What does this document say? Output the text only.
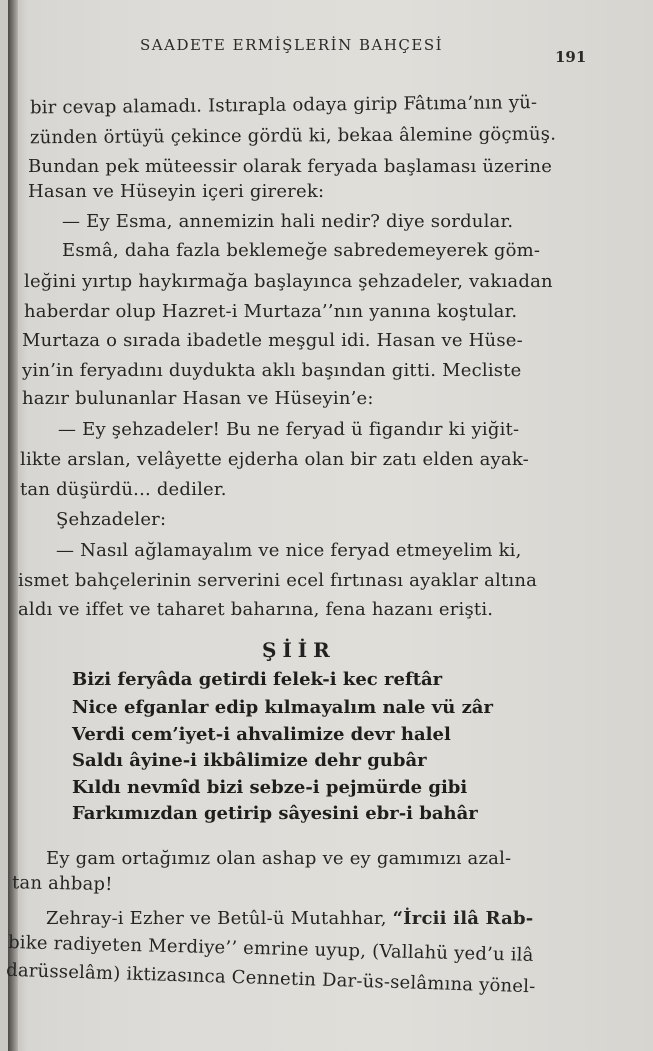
SAADETE ERMİŞLERİN BAHÇESİ
191
bir cevap alamadı. Istırapla odaya girip Fâtıma’nın yü-
zünden örtüyü çekince gördü ki, bekaa âlemine göçmüş.
Bundan pek müteessir olarak feryada başlaması üzerine
Hasan ve Hüseyin içeri girerek:
— Ey Esma, annemizin hali nedir? diye sordular.
Esmâ, daha fazla beklemeğe sabredemeyerek göm-
leğini yırtıp haykırmağa başlayınca şehzadeler, vakıadan
haberdar olup Hazret-i Murtaza’’nın yanına koştular.
Murtaza o sırada ibadetle meşgul idi. Hasan ve Hüse-
yin’in feryadını duydukta aklı başından gitti. Mecliste
hazır bulunanlar Hasan ve Hüseyin’e:
— Ey şehzadeler! Bu ne feryad ü figandır ki yiğit-
likte arslan, velâyette ejderha olan bir zatı elden ayak-
tan düşürdü... dediler.
Şehzadeler:
— Nasıl ağlamayalım ve nice feryad etmeyelim ki,
ismet bahçelerinin serverini ecel fırtınası ayaklar altına
aldı ve iffet ve taharet baharına, fena hazanı erişti.
ŞİİR
Bizi feryâda getirdi felek-i kec reftâr
Nice efganlar edip kılmayalım nale vü zâr
Verdi cem’iyet-i ahvalimize devr halel
Saldı âyine-i ikbâlimize dehr gubâr
Kıldı nevmîd bizi sebze-i pejmürde gibi
Farkımızdan getirip sâyesini ebr-i bahâr
Ey gam ortağımız olan ashap ve ey gamımızı azal-
tan ahbap!
Zehray-i Ezher ve Betûl-ü Mutahhar, “İrcii ilâ Rab-
bike radiyeten Merdiye’’ emrine uyup, (Vallahü yed’u ilâ
darüsselâm) iktizasınca Cennetin Dar-üs-selâmına yönel-
